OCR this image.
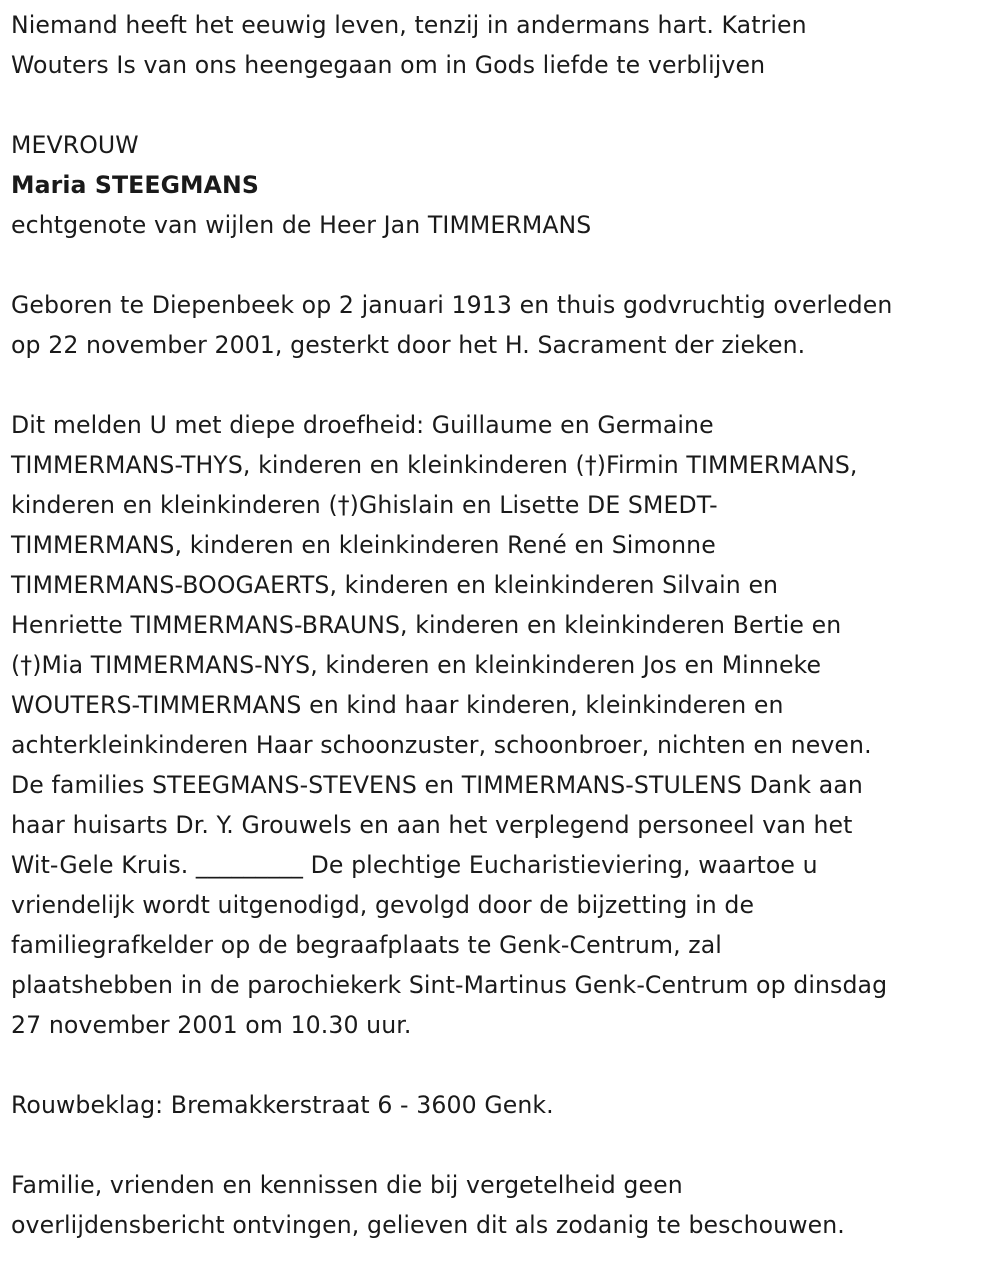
Niemand heeft het eeuwig leven, tenzij in andermans hart. Katrien
Wouters Is van ons heengegaan om in Gods liefde te verblijven
MEVROUW
Maria STEEGMANS
echtgenote van wijlen de Heer Jan TIMMERMANS
Geboren te Diepenbeek op 2 januari 1913 en thuis godvruchtig overleden
op 22 november 2001, gesterkt door het H. Sacrament der zieken.
Dit melden U met diepe droefheid: Guillaume en Germaine
TIMMERMANS-THYS, kinderen en kleinkinderen (†)Firmin TIMMERMANS,
kinderen en kleinkinderen (†)Ghislain en Lisette DE SMEDT-
TIMMERMANS, kinderen en kleinkinderen René en Simonne
TIMMERMANS-BOOGAERTS, kinderen en kleinkinderen Silvain en
Henriette TIMMERMANS-BRAUNS, kinderen en kleinkinderen Bertie en
(†)Mia TIMMERMANS-NYS, kinderen en kleinkinderen Jos en Minneke
WOUTERS-TIMMERMANS en kind haar kinderen, kleinkinderen en
achterkleinkinderen Haar schoonzuster, schoonbroer, nichten en neven.
De families STEEGMANS-STEVENS en TIMMERMANS-STULENS Dank aan
haar huisarts Dr. Y. Grouwels en aan het verplegend personeel van het
Wit-Gele Kruis. _________ De plechtige Eucharistieviering, waartoe u
vriendelijk wordt uitgenodigd, gevolgd door de bijzetting in de
familiegrafkelder op de begraafplaats te Genk-Centrum, zal
plaatshebben in de parochiekerk Sint-Martinus Genk-Centrum op dinsdag
27 november 2001 om 10.30 uur.
Rouwbeklag: Bremakkerstraat 6 - 3600 Genk.
Familie, vrienden en kennissen die bij vergetelheid geen
overlijdensbericht ontvingen, gelieven dit als zodanig te beschouwen.
